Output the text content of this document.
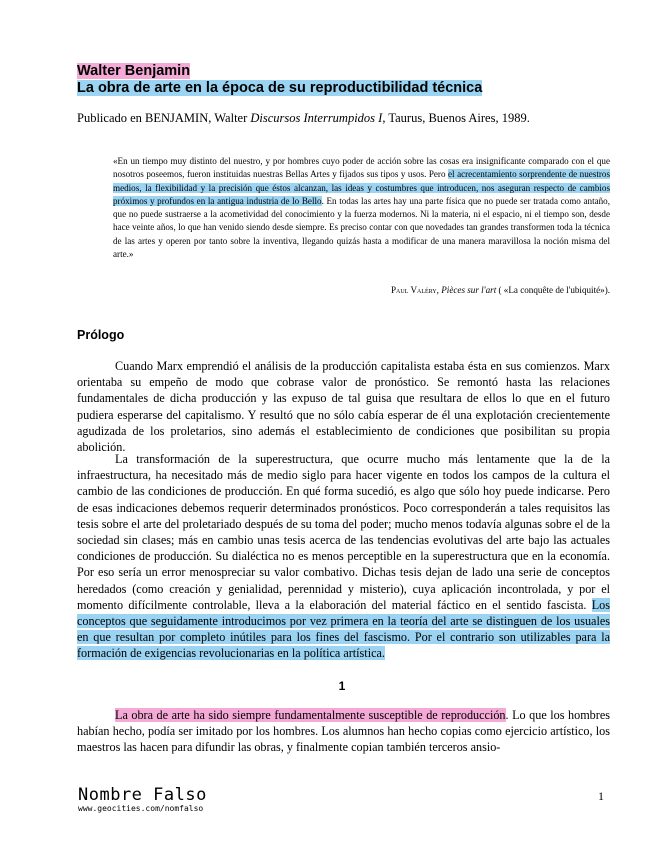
Walter Benjamin
La obra de arte en la época de su reproductibilidad técnica
Publicado en BENJAMIN, Walter Discursos Interrumpidos I, Taurus, Buenos Aires, 1989.

«En un tiempo muy distinto del nuestro, y por hombres cuyo poder de acción sobre las cosas era insignificante comparado con el que nosotros poseemos, fueron instituidas nuestras Bellas Artes y fijados sus tipos y usos. Pero el acrecentamiento sorprendente de nuestros medios, la flexibilidad y la precisión que éstos alcanzan, las ideas y costumbres que introducen, nos aseguran respecto de cambios próximos y profundos en la antigua industria de lo Bello. En todas las artes hay una parte física que no puede ser tratada como antaño, que no puede sustraerse a la acometividad del conocimiento y la fuerza modernos. Ni la materia, ni el espacio, ni el tiempo son, desde hace veinte años, lo que han venido siendo desde siempre. Es preciso contar con que novedades tan grandes transformen toda la técnica de las artes y operen por tanto sobre la inventiva, llegando quizás hasta a modificar de una manera maravillosa la noción misma del arte.»

Paul Valéry, Pièces sur l'art ( «La conquête de l'ubiquité»).
Prólogo

Cuando Marx emprendió el análisis de la producción capitalista estaba ésta en sus comienzos. Marx orientaba su empeño de modo que cobrase valor de pronóstico. Se remontó hasta las relaciones fundamentales de dicha producción y las expuso de tal guisa que resultara de ellos lo que en el futuro pudiera esperarse del capitalismo. Y resultó que no sólo cabía esperar de él una explotación crecientemente agudizada de los proletarios, sino además el establecimiento de condiciones que posibilitan su propia abolición.

La transformación de la superestructura, que ocurre mucho más lentamente que la de la infraestructura, ha necesitado más de medio siglo para hacer vigente en todos los campos de la cultura el cambio de las condiciones de producción. En qué forma sucedió, es algo que sólo hoy puede indicarse. Pero de esas indicaciones debemos requerir determinados pronósticos. Poco corresponderán a tales requisitos las tesis sobre el arte del proletariado después de su toma del poder; mucho menos todavía algunas sobre el de la sociedad sin clases; más en cambio unas tesis acerca de las tendencias evolutivas del arte bajo las actuales condiciones de producción. Su dialéctica no es menos perceptible en la superestructura que en la economía. Por eso sería un error menospreciar su valor combativo. Dichas tesis dejan de lado una serie de conceptos heredados (como creación y genialidad, perennidad y misterio), cuya aplicación incontrolada, y por el momento difícilmente controlable, lleva a la elaboración del material fáctico en el sentido fascista. Los conceptos que seguidamente introducimos por vez primera en la teoría del arte se distinguen de los usuales en que resultan por completo inútiles para los fines del fascismo. Por el contrario son utilizables para la formación de exigencias revolucionarias en la política artística.

1

La obra de arte ha sido siempre fundamentalmente susceptible de reproducción. Lo que los hombres habían hecho, podía ser imitado por los hombres. Los alumnos han hecho copias como ejercicio artístico, los maestros las hacen para difundir las obras, y finalmente copian también terceros ansio-

Nombre Falso
www.geocities.com/nomfalso
1
